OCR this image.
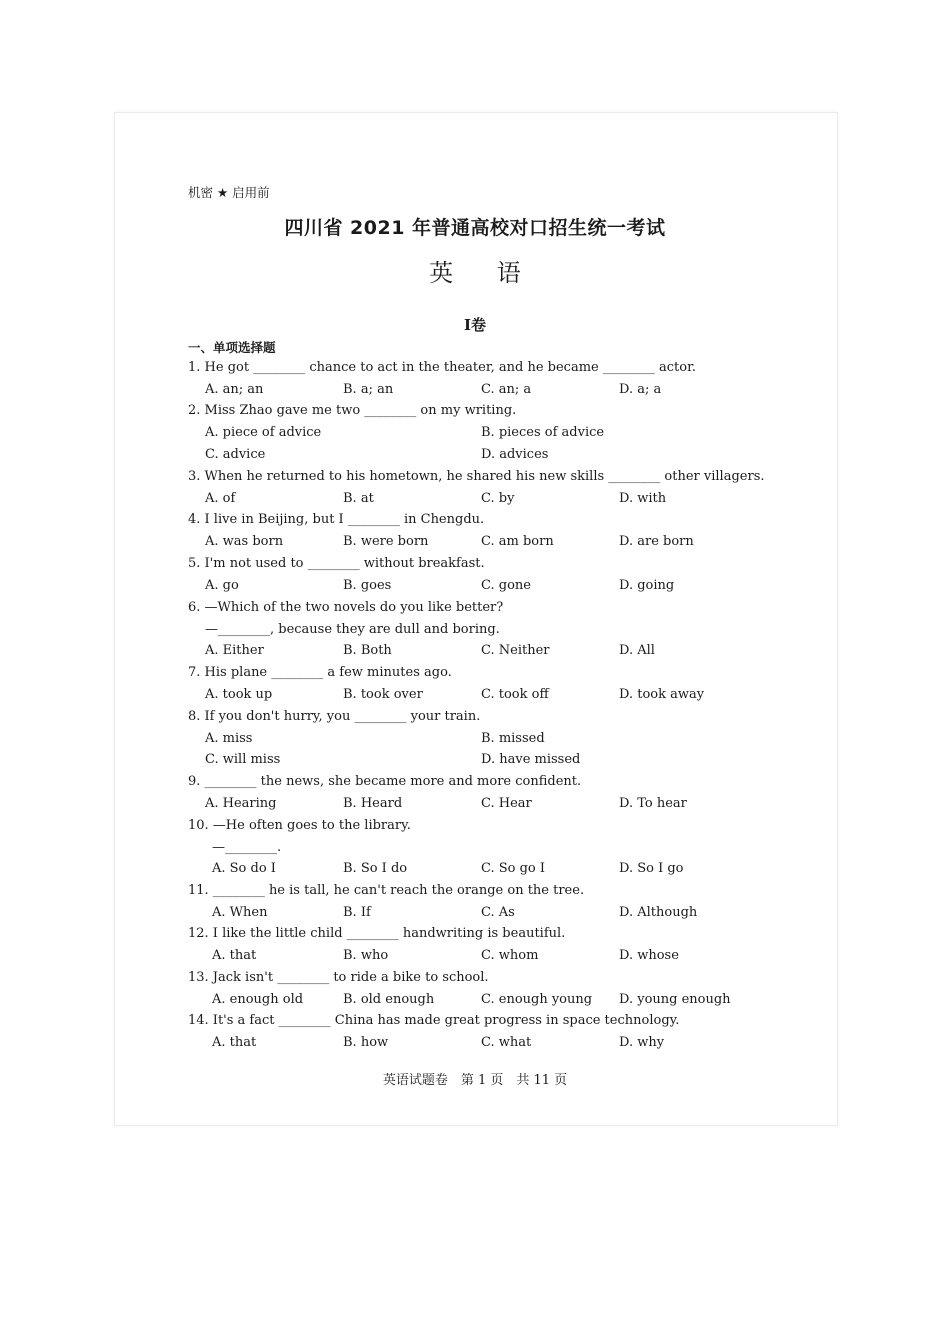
机密 ★ 启用前
四川省 2021 年普通高校对口招生统一考试
英 语
Ⅰ卷
一、单项选择题
1. He got ________ chance to act in the theater, and he became ________ actor.
A. an; an	B. a; an	C. an; a	D. a; a
2. Miss Zhao gave me two ________ on my writing.
A. piece of advice	B. pieces of advice
C. advice	D. advices
3. When he returned to his hometown, he shared his new skills ________ other villagers.
A. of	B. at	C. by	D. with
4. I live in Beijing, but I ________ in Chengdu.
A. was born	B. were born	C. am born	D. are born
5. I'm not used to ________ without breakfast.
A. go	B. goes	C. gone	D. going
6. —Which of the two novels do you like better?
—________, because they are dull and boring.
A. Either	B. Both	C. Neither	D. All
7. His plane ________ a few minutes ago.
A. took up	B. took over	C. took off	D. took away
8. If you don't hurry, you ________ your train.
A. miss	B. missed
C. will miss	D. have missed
9. ________ the news, she became more and more confident.
A. Hearing	B. Heard	C. Hear	D. To hear
10. —He often goes to the library.
—________.
A. So do I	B. So I do	C. So go I	D. So I go
11. ________ he is tall, he can't reach the orange on the tree.
A. When	B. If	C. As	D. Although
12. I like the little child ________ handwriting is beautiful.
A. that	B. who	C. whom	D. whose
13. Jack isn't ________ to ride a bike to school.
A. enough old	B. old enough	C. enough young D. young enough
14. It's a fact ________ China has made great progress in space technology.
A. that	B. how	C. what	D. why
英语试题卷　第 1 页　共 11 页
